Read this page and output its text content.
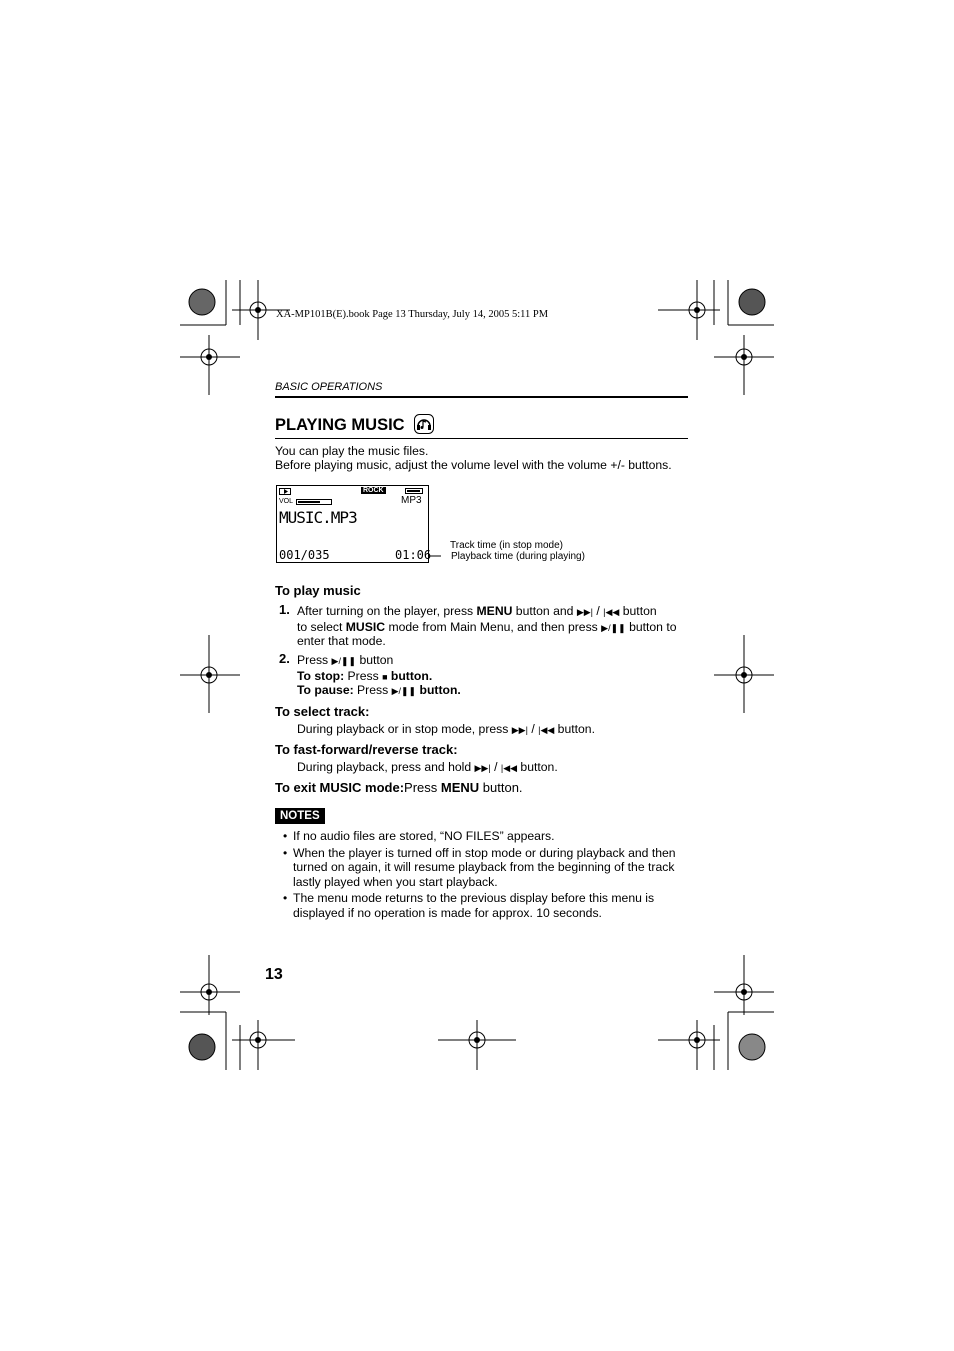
XA-MP101B(E).book Page 13 Thursday, July 14, 2005 5:11 PM
BASIC OPERATIONS
PLAYING MUSIC
You can play the music files.
Before playing music, adjust the volume level with the volume +/- buttons.
ROCK
VOL	MP3
MUSIC.MP3
001/035	01:06
Track time (in stop mode)
Playback time (during playing)
To play music
1. After turning on the player, press MENU button and ▶▶| / |◀◀ button
to select MUSIC mode from Main Menu, and then press ▶/❚❚ button to
enter that mode.
2. Press ▶/❚❚ button
To stop: Press ■ button.
To pause: Press ▶/❚❚ button.
To select track:
During playback or in stop mode, press ▶▶| / |◀◀ button.
To fast-forward/reverse track:
During playback, press and hold ▶▶| / |◀◀ button.
To exit MUSIC mode:Press MENU button.
NOTES
• If no audio files are stored, “NO FILES” appears.
• When the player is turned off in stop mode or during playback and then turned on again, it will resume playback from the beginning of the track lastly played when you start playback.
• The menu mode returns to the previous display before this menu is displayed if no operation is made for approx. 10 seconds.
13
